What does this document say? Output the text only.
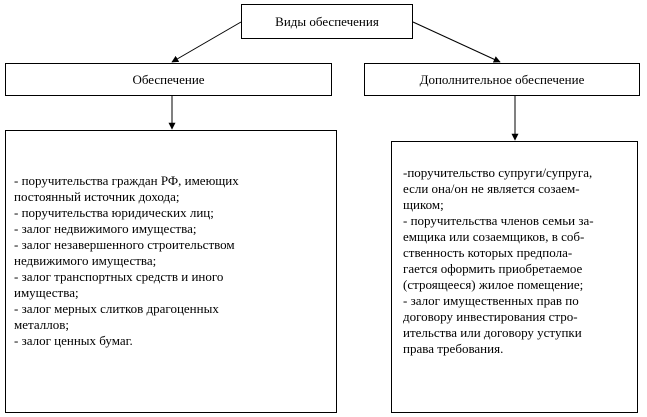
Виды обеспечения
Обеспечение	Дополнительное обеспечение
- поручительства граждан РФ, имеющих
постоянный источник дохода;
- поручительства юридических лиц;
- залог недвижимого имущества;
- залог незавершенного строительством
недвижимого имущества;
- залог транспортных средств и иного
имущества;
- залог мерных слитков драгоценных
металлов;
- залог ценных бумаг.
-поручительство супруги/супруга,
если она/он не является созаем-
щиком;
- поручительства членов семьи за-
емщика или созаемщиков, в соб-
ственность которых предпола-
гается оформить приобретаемое
(строящееся) жилое помещение;
- залог имущественных прав по
договору инвестирования стро-
ительства или договору уступки
права требования.
